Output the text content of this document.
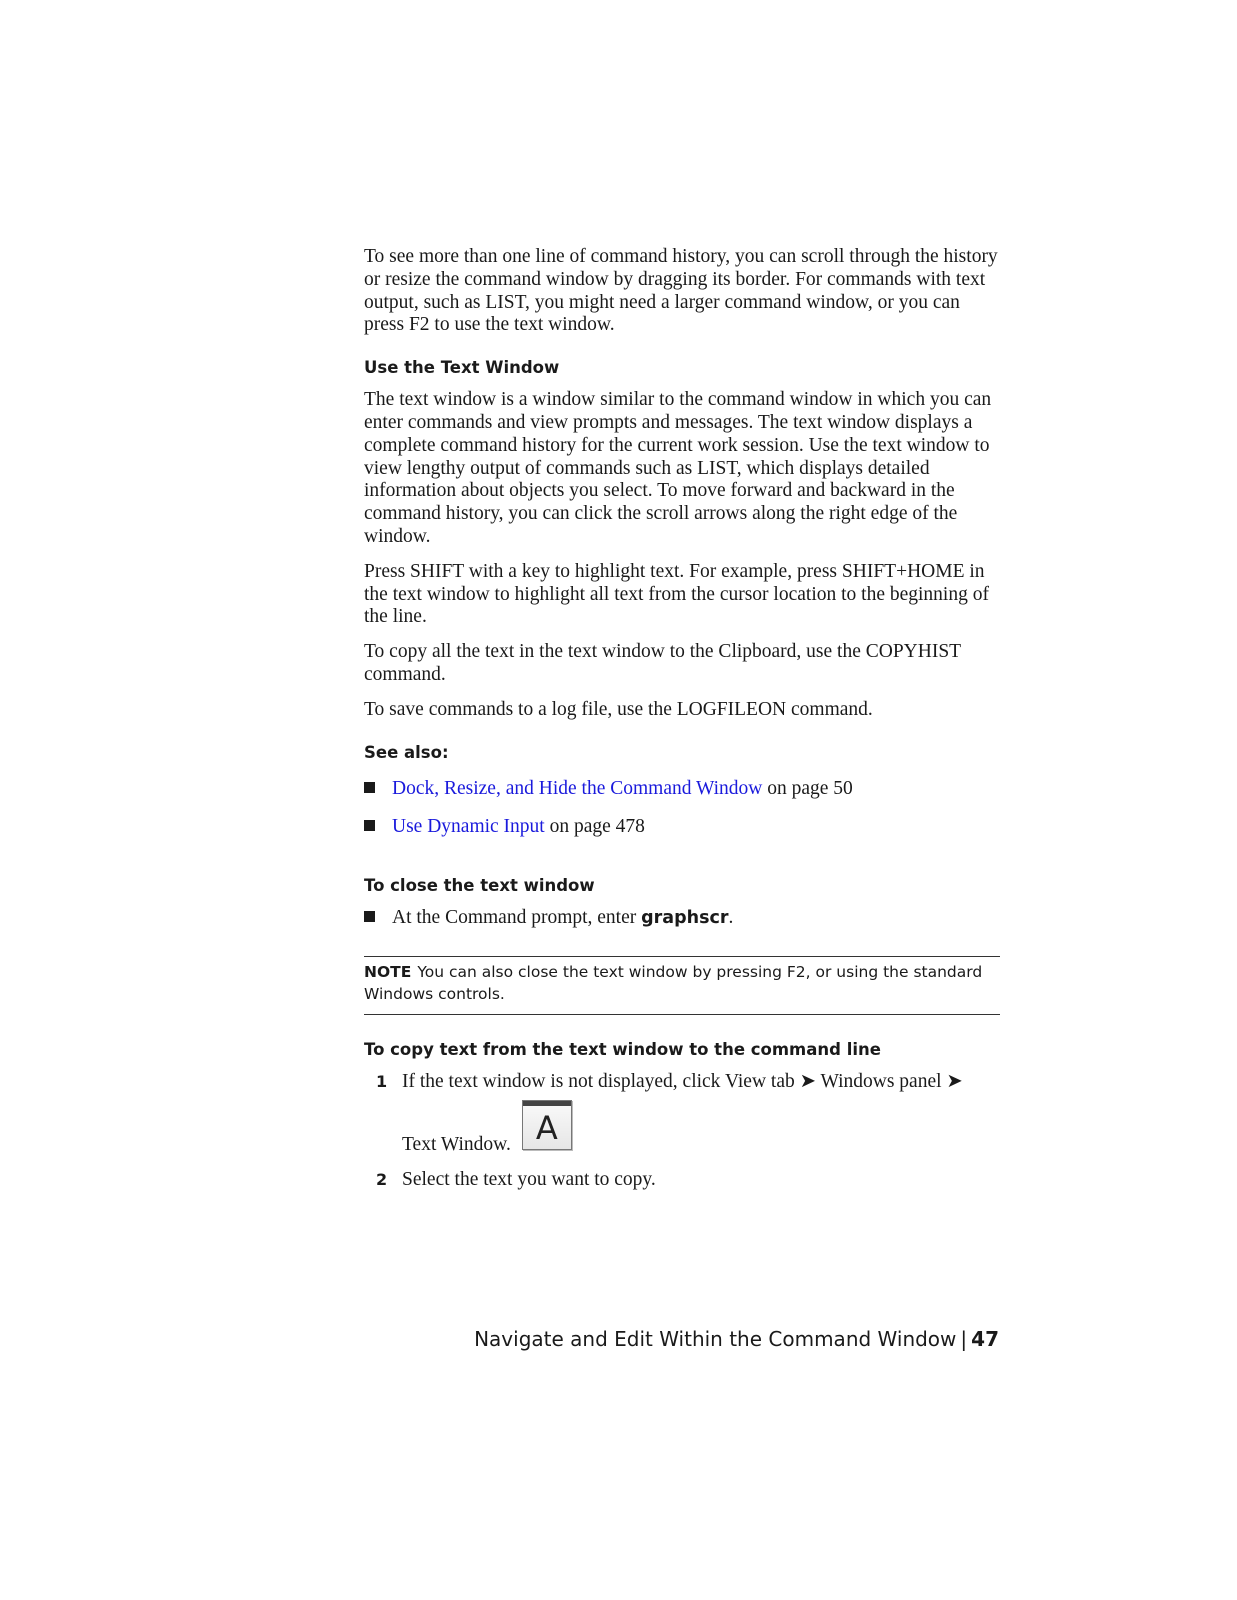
To see more than one line of command history, you can scroll through the history or resize the command window by dragging its border. For commands with text output, such as LIST, you might need a larger command window, or you can press F2 to use the text window.

Use the Text Window

The text window is a window similar to the command window in which you can enter commands and view prompts and messages. The text window displays a complete command history for the current work session. Use the text window to view lengthy output of commands such as LIST, which displays detailed information about objects you select. To move forward and backward in the command history, you can click the scroll arrows along the right edge of the window.

Press SHIFT with a key to highlight text. For example, press SHIFT+HOME in the text window to highlight all text from the cursor location to the beginning of the line.

To copy all the text in the text window to the Clipboard, use the COPYHIST command.

To save commands to a log file, use the LOGFILEON command.

See also:
Dock, Resize, and Hide the Command Window on page 50
Use Dynamic Input on page 478
To close the text window
At the Command prompt, enter graphscr.
NOTE You can also close the text window by pressing F2, or using the standard Windows controls.
To copy text from the text window to the command line
1 If the text window is not displayed, click View tab ➤ Windows panel ➤
Text Window. A
2 Select the text you want to copy.
Navigate and Edit Within the Command Window | 47
